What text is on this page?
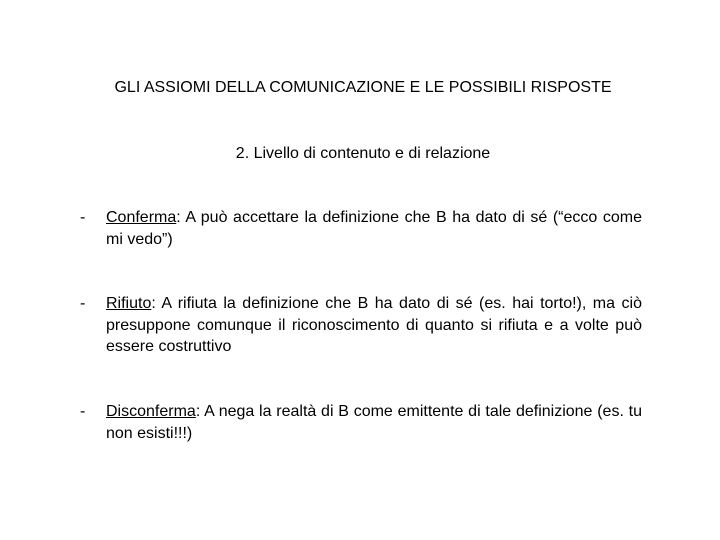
GLI ASSIOMI DELLA COMUNICAZIONE E LE POSSIBILI RISPOSTE
2. Livello di contenuto e di relazione
-	Conferma: A può accettare la definizione che B ha dato di sé (“ecco come mi vedo”)
-	Rifiuto: A rifiuta la definizione che B ha dato di sé (es. hai torto!), ma ciò presuppone comunque il riconoscimento di quanto si rifiuta e a volte può essere costruttivo
-	Disconferma: A nega la realtà di B come emittente di tale definizione (es. tu non esisti!!!)
